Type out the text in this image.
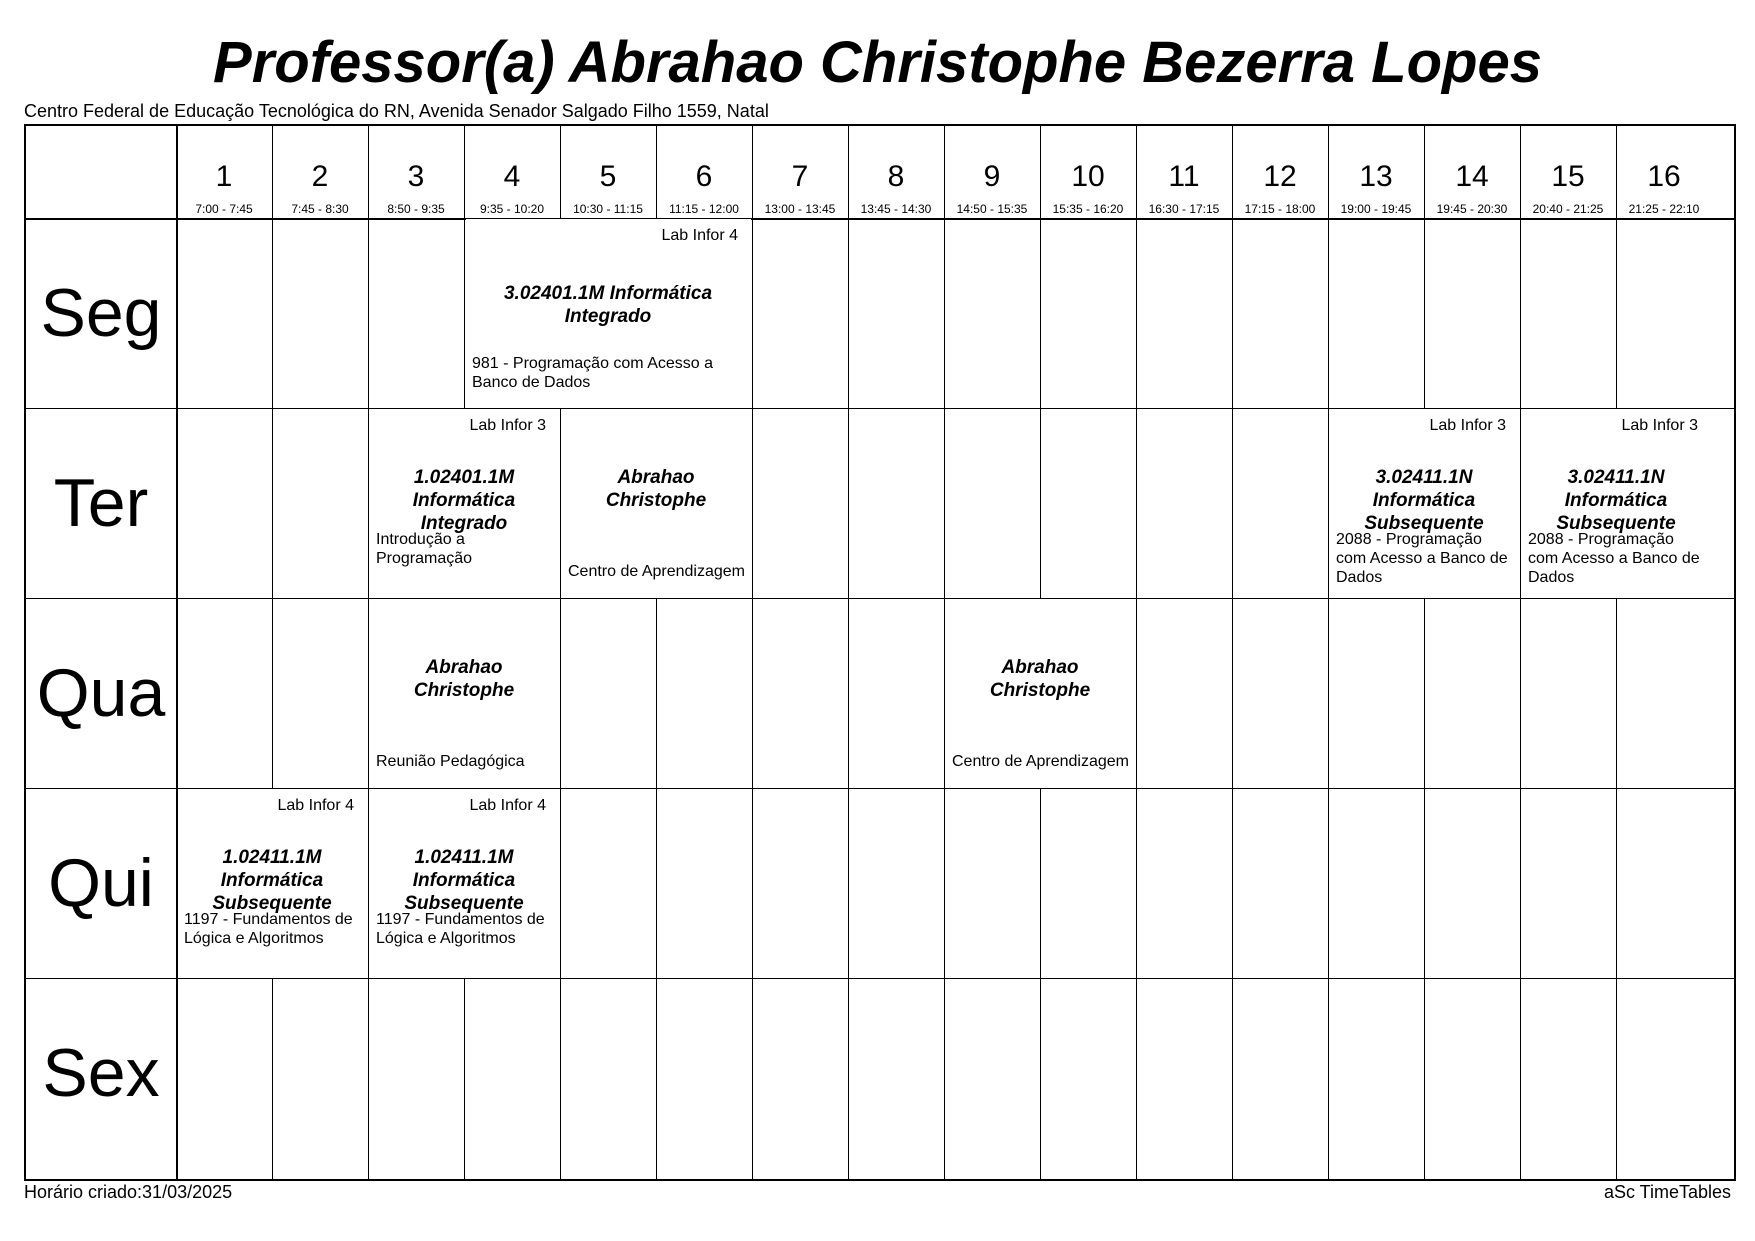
Professor(a) Abrahao Christophe Bezerra Lopes
Centro Federal de Educação Tecnológica do RN, Avenida Senador Salgado Filho 1559, Natal
1
7:00 - 7:45
2
7:45 - 8:30
3
8:50 - 9:35
4
9:35 - 10:20
5
10:30 - 11:15
6
11:15 - 12:00
7
13:00 - 13:45
8
13:45 - 14:30
9
14:50 - 15:35
10
15:35 - 16:20
11
16:30 - 17:15
12
17:15 - 18:00
13
19:00 - 19:45
14
19:45 - 20:30
15
20:40 - 21:25
16
21:25 - 22:10
Seg
Ter
Qua
Qui
Sex
Lab Infor 4
3.02401.1M Informática Integrado
981 - Programação com Acesso a Banco de Dados
Lab Infor 3
1.02401.1M Informática Integrado
Introdução a Programação
Abrahao Christophe
Centro de Aprendizagem
Lab Infor 3
3.02411.1N Informática Subsequente
2088 - Programação com Acesso a Banco de Dados
Lab Infor 3
3.02411.1N Informática Subsequente
2088 - Programação com Acesso a Banco de Dados
Abrahao Christophe
Reunião Pedagógica
Abrahao Christophe
Centro de Aprendizagem
Lab Infor 4
1.02411.1M Informática Subsequente
1197 - Fundamentos de Lógica e Algoritmos
Lab Infor 4
1.02411.1M Informática Subsequente
1197 - Fundamentos de Lógica e Algoritmos
Horário criado:31/03/2025	aSc TimeTables
